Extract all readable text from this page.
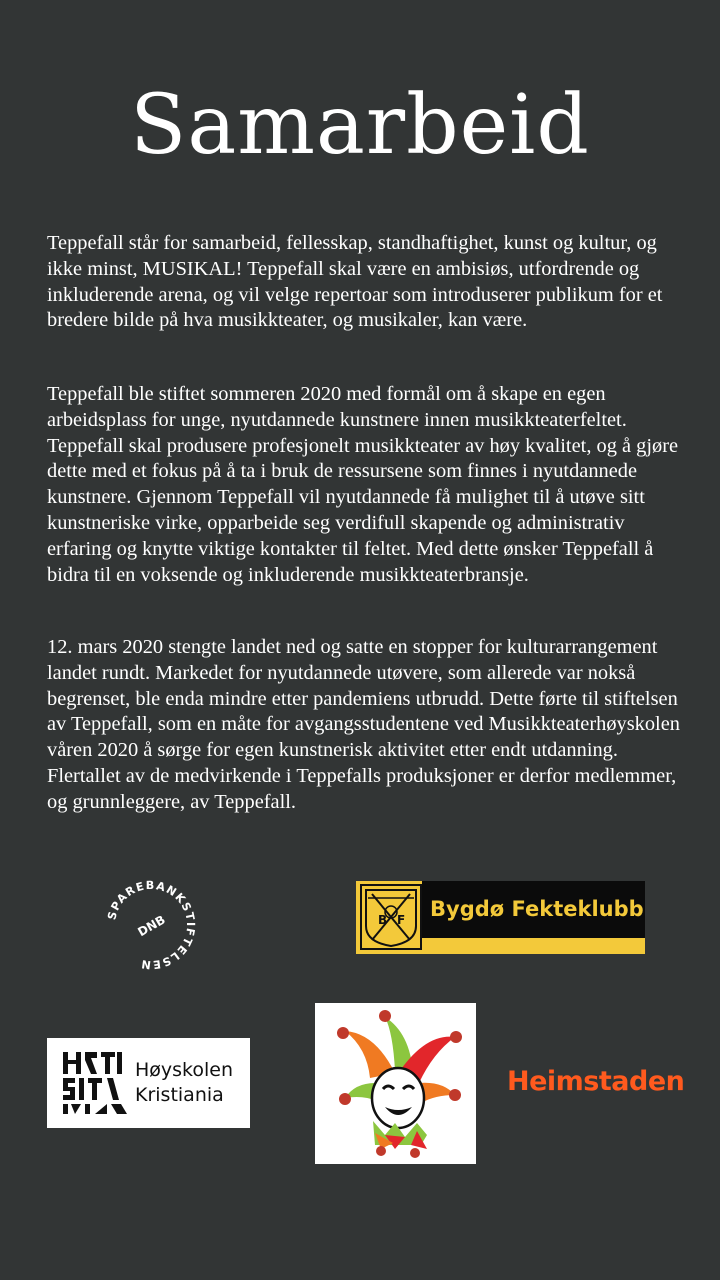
Samarbeid

Teppefall står for samarbeid, fellesskap, standhaftighet, kunst og kultur, og ikke minst, MUSIKAL! Teppefall skal være en ambisiøs, utfordrende og inkluderende arena, og vil velge repertoar som introduserer publikum for et bredere bilde på hva musikkteater, og musikaler, kan være.

Teppefall ble stiftet sommeren 2020 med formål om å skape en egen arbeidsplass for unge, nyutdannede kunstnere innen musikkteaterfeltet. Teppefall skal produsere profesjonelt musikkteater av høy kvalitet, og å gjøre dette med et fokus på å ta i bruk de ressursene som finnes i nyutdannede kunstnere. Gjennom Teppefall vil nyutdannede få mulighet til å utøve sitt kunstneriske virke, opparbeide seg verdifull skapende og administrativ erfaring og knytte viktige kontakter til feltet. Med dette ønsker Teppefall å bidra til en voksende og inkluderende musikkteaterbransje.

12. mars 2020 stengte landet ned og satte en stopper for kulturarrangement landet rundt. Markedet for nyutdannede utøvere, som allerede var nokså begrenset, ble enda mindre etter pandemiens utbrudd. Dette førte til stiftelsen av Teppefall, som en måte for avgangsstudentene ved Musikkteaterhøyskolen våren 2020 å sørge for egen kunstnerisk aktivitet etter endt utdanning. Flertallet av de medvirkende i Teppefalls produksjoner er derfor medlemmer, og grunnleggere, av Teppefall.

SPAREBANKSTIFTELSEN
DNB	B F Bygdø Fekteklubb
Høyskolen
Kristiania	Heimstaden
